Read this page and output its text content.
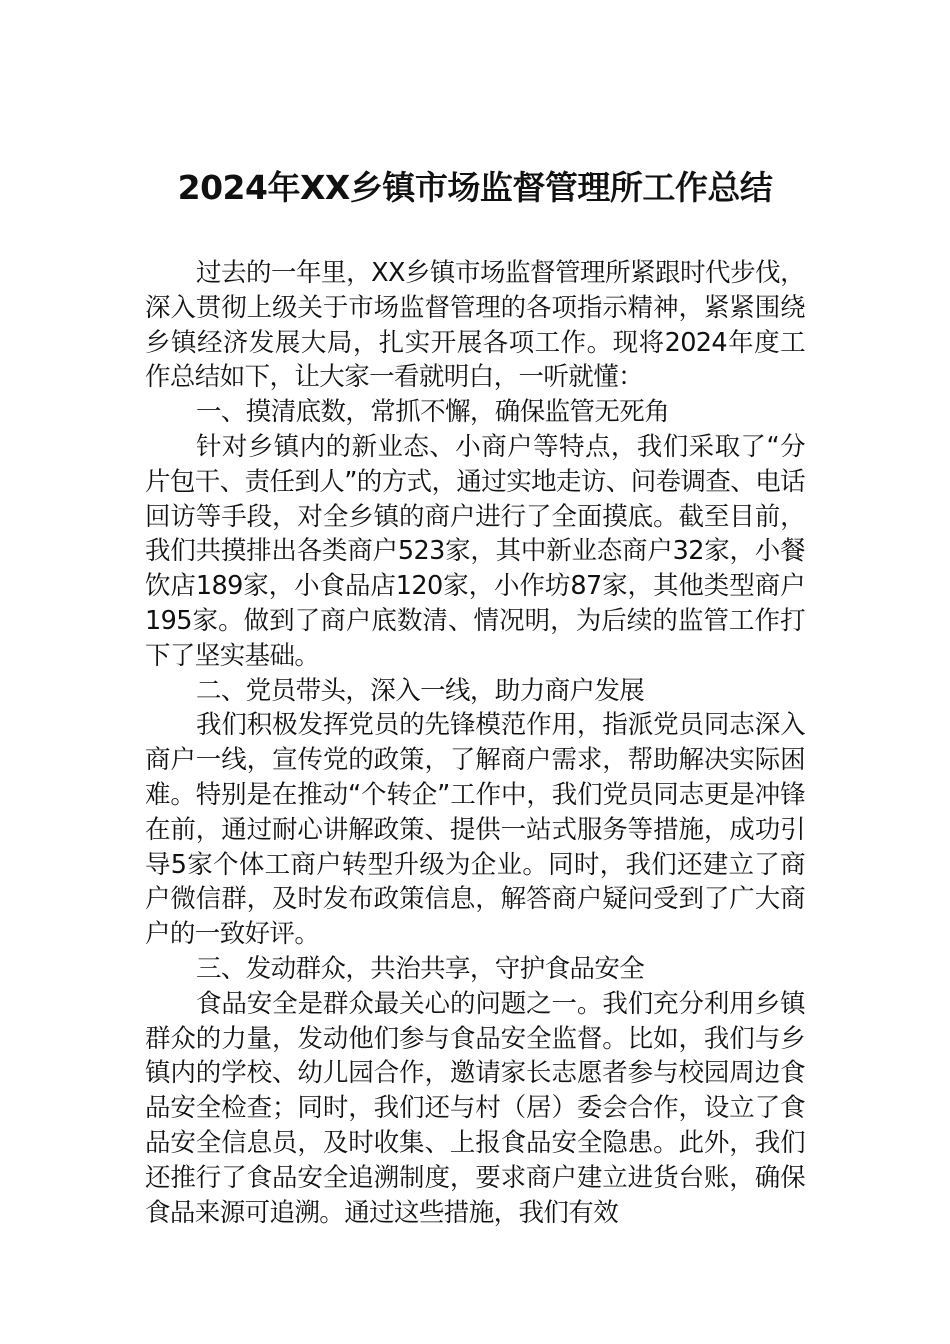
2024年XX乡镇市场监督管理所工作总结

过去的一年里，XX乡镇市场监督管理所紧跟时代步伐，深入贯彻上级关于市场监督管理的各项指示精神，紧紧围绕乡镇经济发展大局，扎实开展各项工作。现将2024年度工作总结如下，让大家一看就明白，一听就懂：

一、摸清底数，常抓不懈，确保监管无死角

针对乡镇内的新业态、小商户等特点，我们采取了“分片包干、责任到人”的方式，通过实地走访、问卷调查、电话回访等手段，对全乡镇的商户进行了全面摸底。截至目前，我们共摸排出各类商户523家，其中新业态商户32家，小餐饮店189家，小食品店120家，小作坊87家，其他类型商户195家。做到了商户底数清、情况明，为后续的监管工作打下了坚实基础。

二、党员带头，深入一线，助力商户发展

我们积极发挥党员的先锋模范作用，指派党员同志深入商户一线，宣传党的政策，了解商户需求，帮助解决实际困难。特别是在推动“个转企”工作中，我们党员同志更是冲锋在前，通过耐心讲解政策、提供一站式服务等措施，成功引导5家个体工商户转型升级为企业。同时，我们还建立了商户微信群，及时发布政策信息，解答商户疑问受到了广大商户的一致好评。

三、发动群众，共治共享，守护食品安全

食品安全是群众最关心的问题之一。我们充分利用乡镇群众的力量，发动他们参与食品安全监督。比如，我们与乡镇内的学校、幼儿园合作，邀请家长志愿者参与校园周边食品安全检查；同时，我们还与村（居）委会合作，设立了食品安全信息员，及时收集、上报食品安全隐患。此外，我们还推行了食品安全追溯制度，要求商户建立进货台账，确保食品来源可追溯。通过这些措施，我们有效
